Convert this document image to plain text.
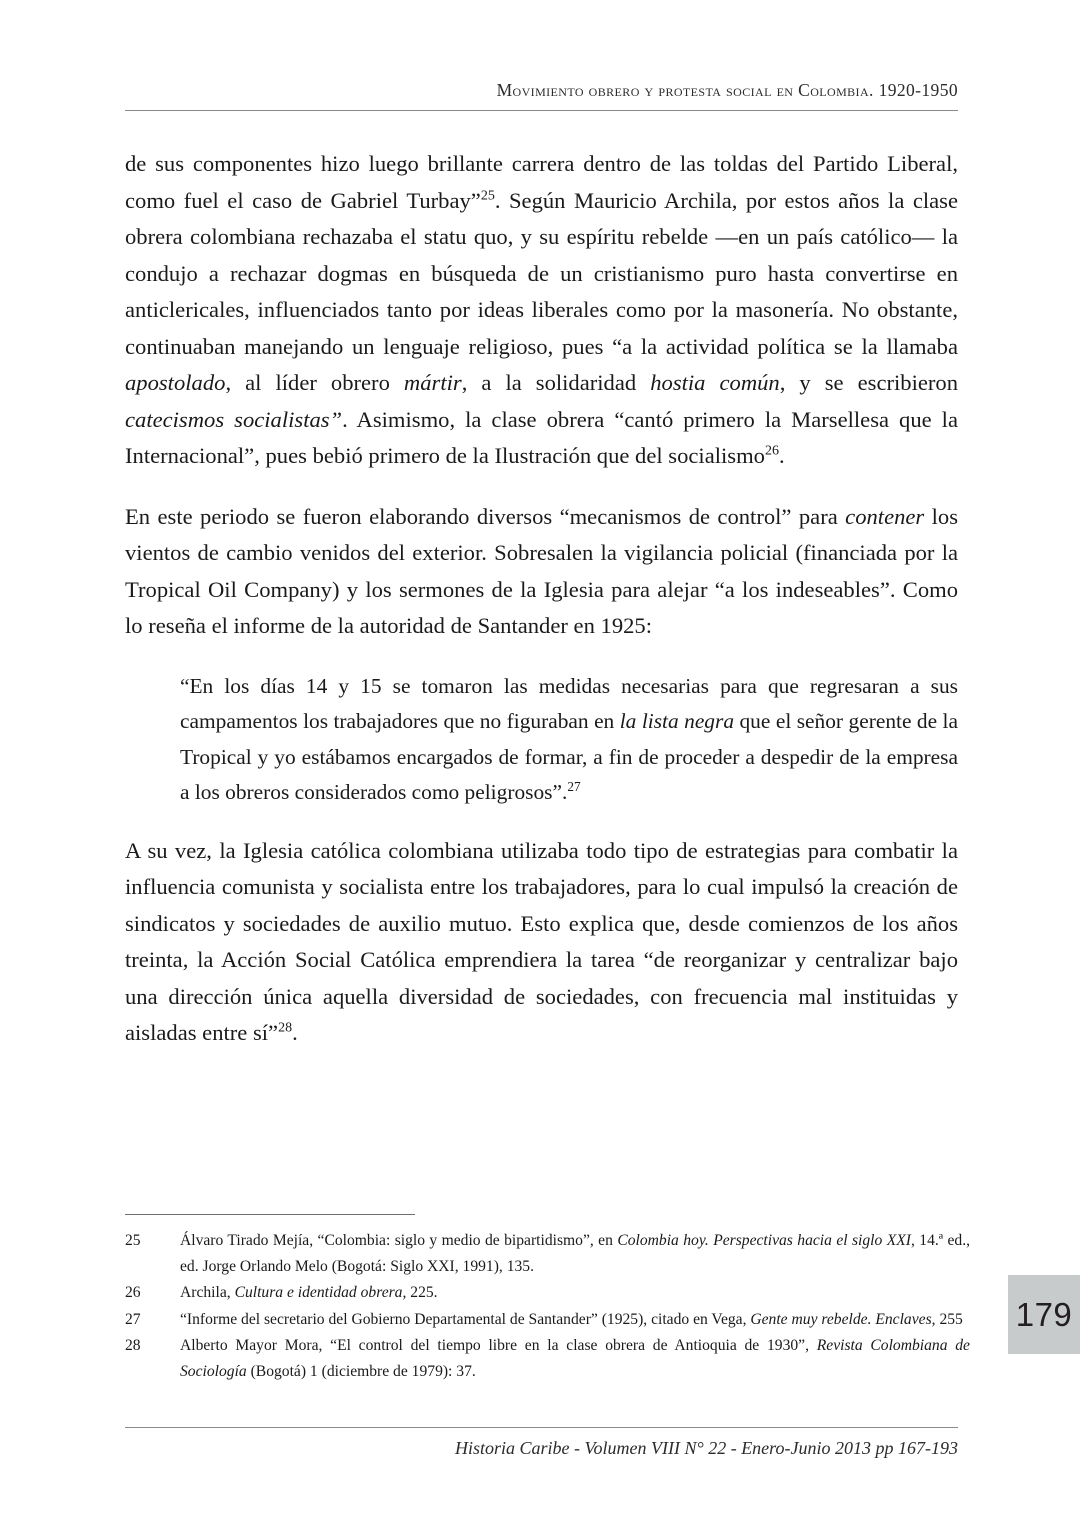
Movimiento obrero y protesta social en Colombia. 1920-1950

de sus componentes hizo luego brillante carrera dentro de las toldas del Partido Liberal, como fuel el caso de Gabriel Turbay”$^{25}$. Según Mauricio Archila, por estos años la clase obrera colombiana rechazaba el statu quo, y su espíritu rebelde —en un país católico— la condujo a rechazar dogmas en búsqueda de un cristianismo puro hasta convertirse en anticlericales, influenciados tanto por ideas liberales como por la masonería. No obstante, continuaban manejando un lenguaje religioso, pues “a la actividad política se la llamaba apostolado, al líder obrero mártir, a la solidaridad hostia común, y se escribieron catecismos socialistas”. Asimismo, la clase obrera “cantó primero la Marsellesa que la Internacional”, pues bebió primero de la Ilustración que del socialismo$^{26}$.

En este periodo se fueron elaborando diversos “mecanismos de control” para contener los vientos de cambio venidos del exterior. Sobresalen la vigilancia policial (financiada por la Tropical Oil Company) y los sermones de la Iglesia para alejar “a los indeseables”. Como lo reseña el informe de la autoridad de Santander en 1925:

“En los días 14 y 15 se tomaron las medidas necesarias para que regresaran a sus campamentos los trabajadores que no figuraban en la lista negra que el señor gerente de la Tropical y yo estábamos encargados de formar, a fin de proceder a despedir de la empresa a los obreros considerados como peligrosos”.$^{27}$

A su vez, la Iglesia católica colombiana utilizaba todo tipo de estrategias para combatir la influencia comunista y socialista entre los trabajadores, para lo cual impulsó la creación de sindicatos y sociedades de auxilio mutuo. Esto explica que, desde comienzos de los años treinta, la Acción Social Católica emprendiera la tarea “de reorganizar y centralizar bajo una dirección única aquella diversidad de sociedades, con frecuencia mal instituidas y aisladas entre sí”$^{28}$.

25	Álvaro Tirado Mejía, “Colombia: siglo y medio de bipartidismo”, en Colombia hoy. Perspectivas hacia el siglo XXI, 14.ª ed., ed. Jorge Orlando Melo (Bogotá: Siglo XXI, 1991), 135.
26	Archila, Cultura e identidad obrera, 225.
27	“Informe del secretario del Gobierno Departamental de Santander” (1925), citado en Vega, Gente muy rebelde. Enclaves, 255
28	Alberto Mayor Mora, “El control del tiempo libre en la clase obrera de Antioquia de 1930”, Revista Colombiana de Sociología (Bogotá) 1 (diciembre de 1979): 37.
179
Historia Caribe - Volumen VIII N° 22 - Enero-Junio 2013 pp 167-193
